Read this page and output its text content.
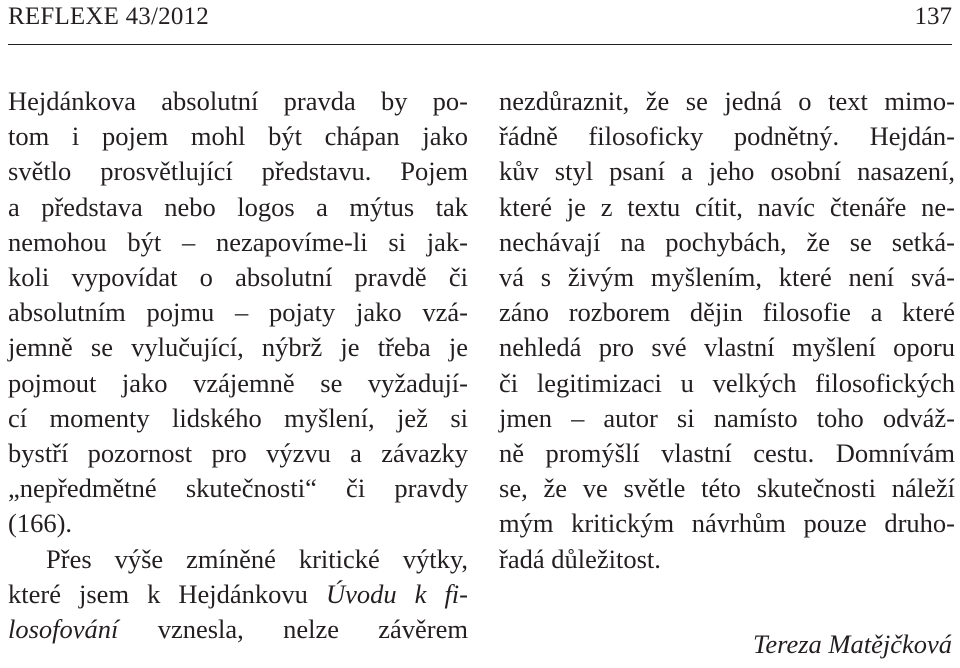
REFLEXE 43/2012	137
Hejdánkova absolutní pravda by po-
tom i pojem mohl být chápan jako
světlo prosvětlující představu. Pojem
a představa nebo logos a mýtus tak
nemohou být – nezapovíme-li si jak-
koli vypovídat o absolutní pravdě či
absolutním pojmu – pojaty jako vzá-
jemně se vylučující, nýbrž je třeba je
pojmout jako vzájemně se vyžadují-
cí momenty lidského myšlení, jež si
bystří pozornost pro výzvu a závazky
„nepředmětné skutečnosti“ či pravdy
(166).
Přes výše zmíněné kritické výtky,
které jsem k Hejdánkovu Úvodu k fi-
losofování vznesla, nelze závěrem
nezdůraznit, že se jedná o text mimo-
řádně filosoficky podnětný. Hejdán-
kův styl psaní a jeho osobní nasazení,
které je z textu cítit, navíc čtenáře ne-
nechávají na pochybách, že se setká-
vá s živým myšlením, které není svá-
záno rozborem dějin filosofie a které
nehledá pro své vlastní myšlení oporu
či legitimizaci u velkých filosofických
jmen – autor si namísto toho odváž-
ně promýšlí vlastní cestu. Domnívám
se, že ve světle této skutečnosti náleží
mým kritickým návrhům pouze druho-
řadá důležitost.
Tereza Matějčková
